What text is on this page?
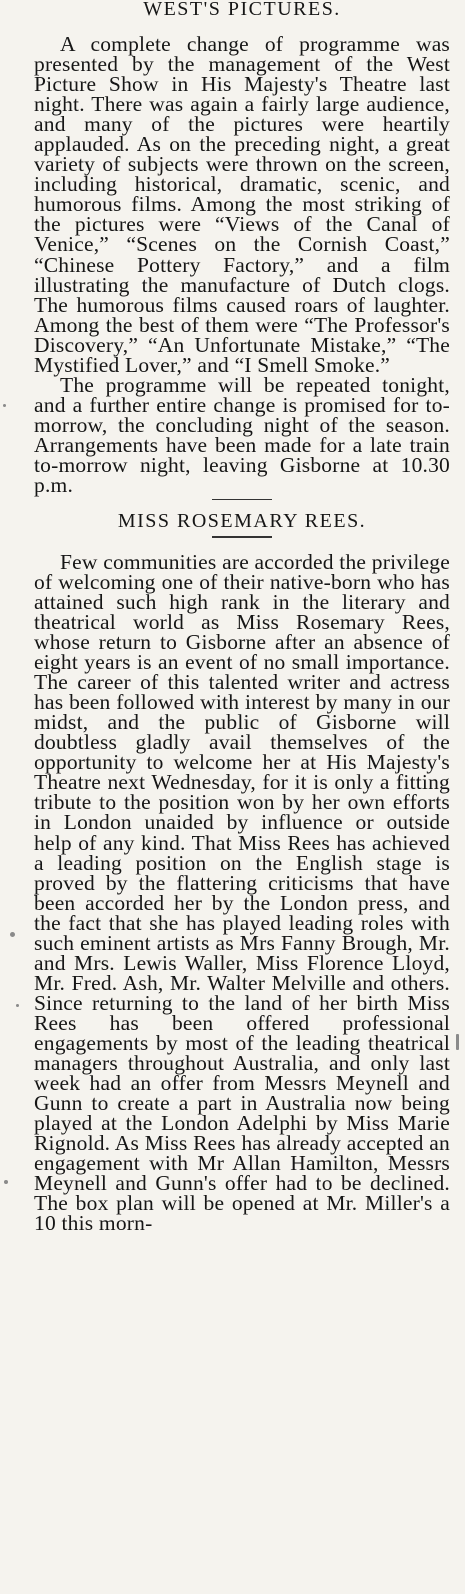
WEST'S PICTURES.

A complete change of programme was presented by the management of the West Picture Show in His Majesty's Theatre last night. There was again a fairly large audience, and many of the pictures were heartily applauded. As on the preceding night, a great variety of subjects were thrown on the screen, including historical, dramatic, scenic, and humorous films. Among the most striking of the pictures were “Views of the Canal of Venice,” “Scenes on the Cornish Coast,” “Chinese Pottery Factory,” and a film illustrating the manufacture of Dutch clogs. The humorous films caused roars of laughter. Among the best of them were “The Professor's Discovery,” “An Unfortunate Mistake,” “The Mystified Lover,” and “I Smell Smoke.”

The programme will be repeated tonight, and a further entire change is promised for to-morrow, the concluding night of the season. Arrangements have been made for a late train to-morrow night, leaving Gisborne at 10.30 p.m.

MISS ROSEMARY REES.

Few communities are accorded the privilege of welcoming one of their native-born who has attained such high rank in the literary and theatrical world as Miss Rosemary Rees, whose return to Gisborne after an absence of eight years is an event of no small importance. The career of this talented writer and actress has been followed with interest by many in our midst, and the public of Gisborne will doubtless gladly avail themselves of the opportunity to welcome her at His Majesty's Theatre next Wednesday, for it is only a fitting tribute to the position won by her own efforts in London unaided by influence or outside help of any kind. That Miss Rees has achieved a leading position on the English stage is proved by the flattering criticisms that have been accorded her by the London press, and the fact that she has played leading roles with such eminent artists as Mrs Fanny Brough, Mr. and Mrs. Lewis Waller, Miss Florence Lloyd, Mr. Fred. Ash, Mr. Walter Melville and others. Since returning to the land of her birth Miss Rees has been offered professional engagements by most of the leading theatrical managers throughout Australia, and only last week had an offer from Messrs Meynell and Gunn to create a part in Australia now being played at the London Adelphi by Miss Marie Rignold. As Miss Rees has already accepted an engagement with Mr Allan Hamilton, Messrs Meynell and Gunn's offer had to be declined. The box plan will be opened at Mr. Miller's a 10 this morn-
